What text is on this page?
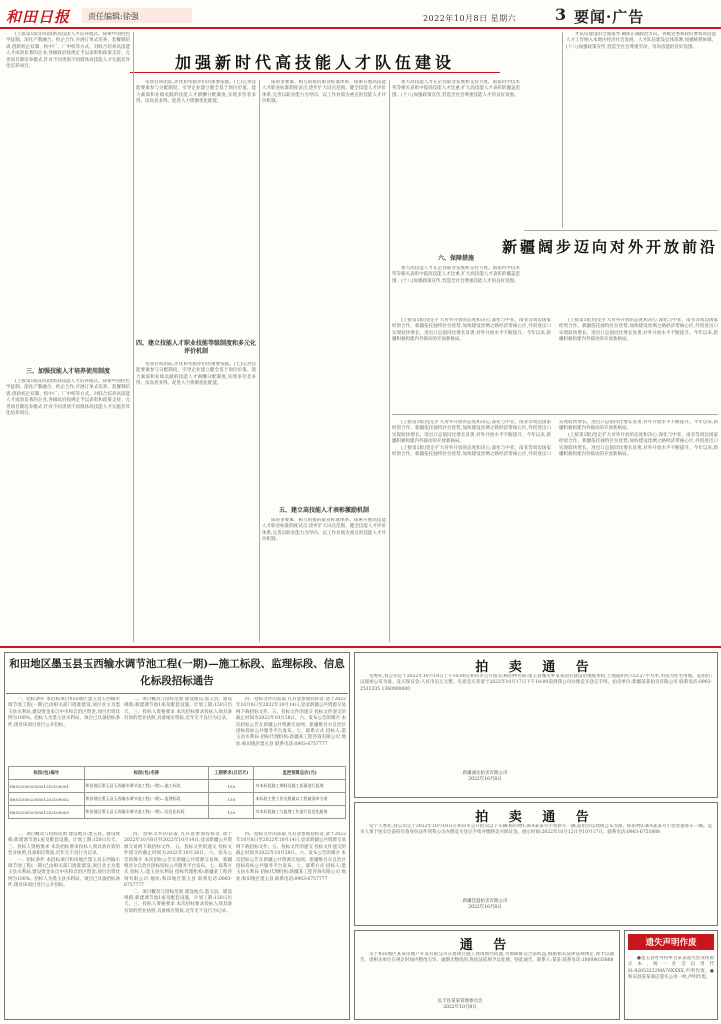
和田日报 责任编辑:徐强	2022年10月8日 星期六 3 要闻·广告
加强新时代高技能人才队伍建设

(上接第1版)(四)创新高技能人才培养模式。探索中国特色学徒制。深化产教融合、校企合作,开展订单式培养、套餐制培训,创新校企双制、校中厂、厂中校等方式。对联合培养高技能人才成效显著的企业,各级政府按规定予以表彰和政策支持。完善项目制培养模式,针对不同类别不同群体高技能人才实施差异化培养项目。

三、加强技能人才培养使用制度

(上接第1版)(四)创新高技能人才培养模式。探索中国特色学徒制。深化产教融合、校企合作,开展订单式培养、套餐制培训,创新校企双制、校中厂、厂中校等方式。对联合培养高技能人才成效显著的企业,各级政府按规定予以表彰和政策支持。完善项目制培养模式,针对不同类别不同群体高技能人才实施差异化培养项目。

笔项目和团队,评优和奖励评价的重要依据。(七)完善技能要素参与分配制度。引导企业建立健全基于岗位价值、能力素质和业绩贡献的技能人才薪酬分配制度,实现多劳者多得、技高者多得。促进人力资源优化配置。

四、建立技能人才职业技能等级制度和多元化评价机制

笔项目和团队,评优和奖励评价的重要依据。(七)完善技能要素参与分配制度。引导企业建立健全基于岗位价值、能力素质和业绩贡献的技能人才薪酬分配制度,实现多劳者多得、技高者多得。促进人力资源优化配置。

质的多要素、相互衔接的职业标准体系。探索开展高技能人才职业标准制度试点,逐步扩大试点范围。健全技能人才评价体系,完善以职业能力为导向、以工作业绩为重点的技能人才评价机制。

五、建立高技能人才表彰激励机制

质的多要素、相互衔接的职业标准体系。探索开展高技能人才职业标准制度试点,逐步扩大试点范围。健全技能人才评价体系,完善以职业能力为导向、以工作业绩为重点的技能人才评价机制。

加大高技能人才在企业职业发展和支持力度。国家科学技术奖等相关表彰中提高技能人才比重,扩大高技能人才表彰的覆盖范围。(十八)加强政策宣传,营造全社会尊重技能人才的良好氛围。

六、保障措施

加大高技能人才在企业职业发展和支持力度。国家科学技术奖等相关表彰中提高技能人才比重,扩大高技能人才表彰的覆盖范围。(十八)加强政策宣传,营造全社会尊重技能人才的良好氛围。

才队伍建设的全面领导,确保正确政治方向。各级党委和政府要将高技能人才工作纳入本地区经济社会发展、人才队伍建设总体部署,加强统筹协调。(十八)加强政策宣传,营造全社会尊重劳动、崇尚技能的良好氛围。

新疆阔步迈向对外开放前沿

(上接第1版)坚定扩大对外开放的态度和决心,深化与中亚、南亚等周边国家经贸合作。新疆依托独特区位优势,加快建设丝绸之路经济带核心区,外贸进出口实现较快增长。进出口总值同比增长显著,对外开放水平不断提升。今年以来,新疆积极构建内外联动的开放新格局。

(上接第1版)坚定扩大对外开放的态度和决心,深化与中亚、南亚等周边国家经贸合作。新疆依托独特区位优势,加快建设丝绸之路经济带核心区,外贸进出口实现较快增长。进出口总值同比增长显著,对外开放水平不断提升。今年以来,新疆积极构建内外联动的开放新格局。

(上接第1版)坚定扩大对外开放的态度和决心,深化与中亚、南亚等周边国家经贸合作。新疆依托独特区位优势,加快建设丝绸之路经济带核心区,外贸进出口实现较快增长。进出口总值同比增长显著,对外开放水平不断提升。今年以来,新疆积极构建内外联动的开放新格局。

(上接第1版)坚定扩大对外开放的态度和决心,深化与中亚、南亚等周边国家经贸合作。新疆依托独特区位优势,加快建设丝绸之路经济带核心区,外贸进出口实现较快增长。进出口总值同比增长显著,对外开放水平不断提升。今年以来,新疆积极构建内外联动的开放新格局。

(上接第1版)坚定扩大对外开放的态度和决心,深化与中亚、南亚等周边国家经贸合作。新疆依托独特区位优势,加快建设丝绸之路经济带核心区,外贸进出口实现较快增长。进出口总值同比增长显著,对外开放水平不断提升。今年以来,新疆积极构建内外联动的开放新格局。

和田地区墨玉县玉西输水调节池工程(一期)—施工标段、监理标段、信息化标段招标通告

一、招标条件 本招标项目和田地区墨玉县玉西输水调节池工程(一期)已由相关部门批准建设,项目业主为墨玉县水利局,建设资金来自中央和自治区资金,项目出资比例为100%。招标人为墨玉县水利局。项目已具备招标条件,现对该项目进行公开招标。

标段(包)编号	标段(包)名称	工期要求(日历天)	监控预算总价(元)
E6532000230501202100001	和田地区墨玉县玉西输水调节池工程(一期)—施工标段	150	对本标段施工期间及施工质量进行监理
E6532000230501202100002	和田地区墨玉县玉西输水调节池工程(一期)—监理标段	150	本标段主要工作及数量以工程量清单为准
E6532000230501202100003	和田地区墨玉县玉西输水调节池工程(一期)—信息化标段	150	对本标段施工与监理工作进行信息化服务

二、项目概况与招标范围 建设地点:墨玉县。建设规模:新建调节池1座及配套设施。计划工期:150日历天。三、投标人资格要求 本次招标要求投标人须具备有效的营业执照,具备相应资质,近年无不良行为记录。

四、招标文件的获取 凡有意参加投标者,请于2022年10月8日至2022年10月14日,登录新疆公共资源交易网下载招标文件。五、投标文件的递交 投标文件递交的截止时间为2022年10月28日。六、发布公告的媒介 本次招标公告在新疆公共资源交易网、新疆维吾尔自治区招标投标公共服务平台发布。七、联系方式 招标人:墨玉县水利局 招标代理机构:新疆某工程咨询有限公司 地址:和田地区墨玉县 联系电话:0903-6757777

二、项目概况与招标范围 建设地点:墨玉县。建设规模:新建调节池1座及配套设施。计划工期:150日历天。三、投标人资格要求 本次招标要求投标人须具备有效的营业执照,具备相应资质,近年无不良行为记录。

一、招标条件 本招标项目和田地区墨玉县玉西输水调节池工程(一期)已由相关部门批准建设,项目业主为墨玉县水利局,建设资金来自中央和自治区资金,项目出资比例为100%。招标人为墨玉县水利局。项目已具备招标条件,现对该项目进行公开招标。

四、招标文件的获取 凡有意参加投标者,请于2022年10月8日至2022年10月14日,登录新疆公共资源交易网下载招标文件。五、投标文件的递交 投标文件递交的截止时间为2022年10月28日。六、发布公告的媒介 本次招标公告在新疆公共资源交易网、新疆维吾尔自治区招标投标公共服务平台发布。七、联系方式 招标人:墨玉县水利局 招标代理机构:新疆某工程咨询有限公司 地址:和田地区墨玉县 联系电话:0903-6757777

二、项目概况与招标范围 建设地点:墨玉县。建设规模:新建调节池1座及配套设施。计划工期:150日历天。三、投标人资格要求 本次招标要求投标人须具备有效的营业执照,具备相应资质,近年无不良行为记录。

四、招标文件的获取 凡有意参加投标者,请于2022年10月8日至2022年10月14日,登录新疆公共资源交易网下载招标文件。五、投标文件的递交 投标文件递交的截止时间为2022年10月28日。六、发布公告的媒介 本次招标公告在新疆公共资源交易网、新疆维吾尔自治区招标投标公共服务平台发布。七、联系方式 招标人:墨玉县水利局 招标代理机构:新疆某工程咨询有限公司 地址:和田地区墨玉县 联系电话:0903-6757777

拍 卖 通 告

受委托,我公司定于2022年10月18日上午10:00在和田市公开拍卖:标的物名称:墨玉县城关乡某某国有建设用地使用权,土地面积约753.27平方米,用途为住宅用地。起拍价:以现场公布为准。竞买保证金:人民币伍万元整。有意竞买者请于2022年10月17日下午18:00前到我公司办理竞买登记手续。拍卖单位:新疆某某拍卖有限公司 联系电话:0903-2512335 1360000000

新疆诚达拍卖有限公司
2022年10月8日
拍 卖 通 告

受个人委托,我公司定于2022年10月18日在和田市公开拍卖以下车辆:标的物1:新A某某号小型轿车一辆,起拍价以现场公布为准。标的物2:新A某某号小型普通客车一辆。竞买人须于拍卖会前持有效身份证件到我公司办理竞买登记手续并缴纳竞买保证金。展示时间:2022年10月12日至10月17日。联系电话:0903-6751888

新疆佳盛拍卖有限公司
2022年10月8日
通 告

关于和田地区某某房地产开发有限公司在建项目施工现场围挡问题,为保障群众合法权益,根据相关法律法规规定,现予以通告。请相关单位在规定时间内整改完毕。逾期未整改的,将依法依规予以处理。特此通告。联系人:某某 联系电话:18009033888

民丰县某某管理委员会
2022年10月8日
遗失声明作废

●墨玉县吐外特乡吾某某遗失营业执照正本,统一社会信用代码:92653222MA78XXXX,声明作废。●和田县某某商店遗失公章一枚,声明作废。
